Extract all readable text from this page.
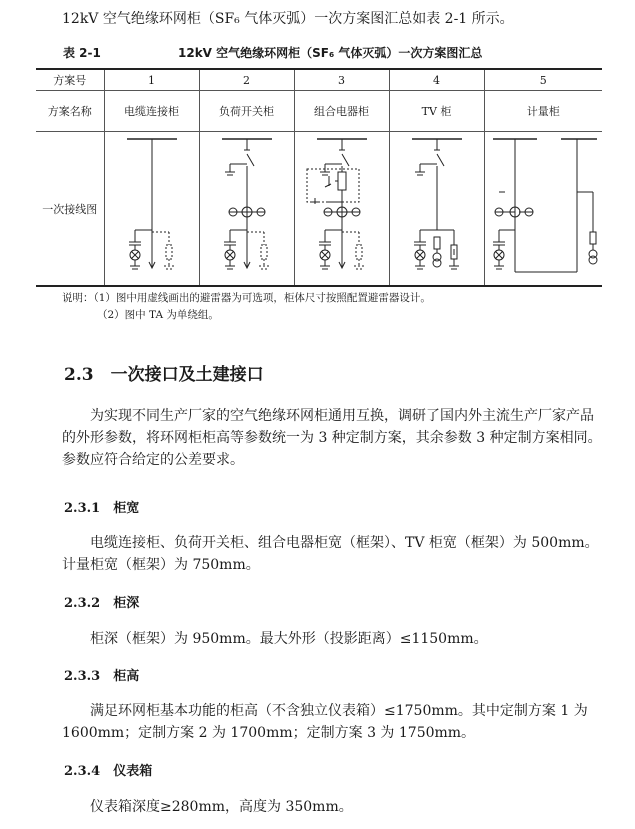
12kV 空气绝缘环网柜（SF₆ 气体灭弧）一次方案图汇总如表 2-1 所示。
表 2-1	12kV 空气绝缘环网柜（SF₆ 气体灭弧）一次方案图汇总
方案号	1	2	3	4	5
方案名称	电缆连接柜	负荷开关柜	组合电器柜	TV 柜	计量柜
一次接线图	

说明：（1）图中用虚线画出的避雷器为可选项，柜体尺寸按照配置避雷器设计。
（2）图中 TA 为单绕组。
2.3　一次接口及土建接口
为实现不同生产厂家的空气绝缘环网柜通用互换，调研了国内外主流生产厂家产品的外形参数，将环网柜柜高等参数统一为 3 种定制方案，其余参数 3 种定制方案相同。参数应符合给定的公差要求。
2.3.1　柜宽
电缆连接柜、负荷开关柜、组合电器柜宽（框架）、TV 柜宽（框架）为 500mm。计量柜宽（框架）为 750mm。
2.3.2　柜深
柜深（框架）为 950mm。最大外形（投影距离）≤1150mm。
2.3.3　柜高
满足环网柜基本功能的柜高（不含独立仪表箱）≤1750mm。其中定制方案 1 为 1600mm；定制方案 2 为 1700mm；定制方案 3 为 1750mm。
2.3.4　仪表箱
仪表箱深度≥280mm，高度为 350mm。
